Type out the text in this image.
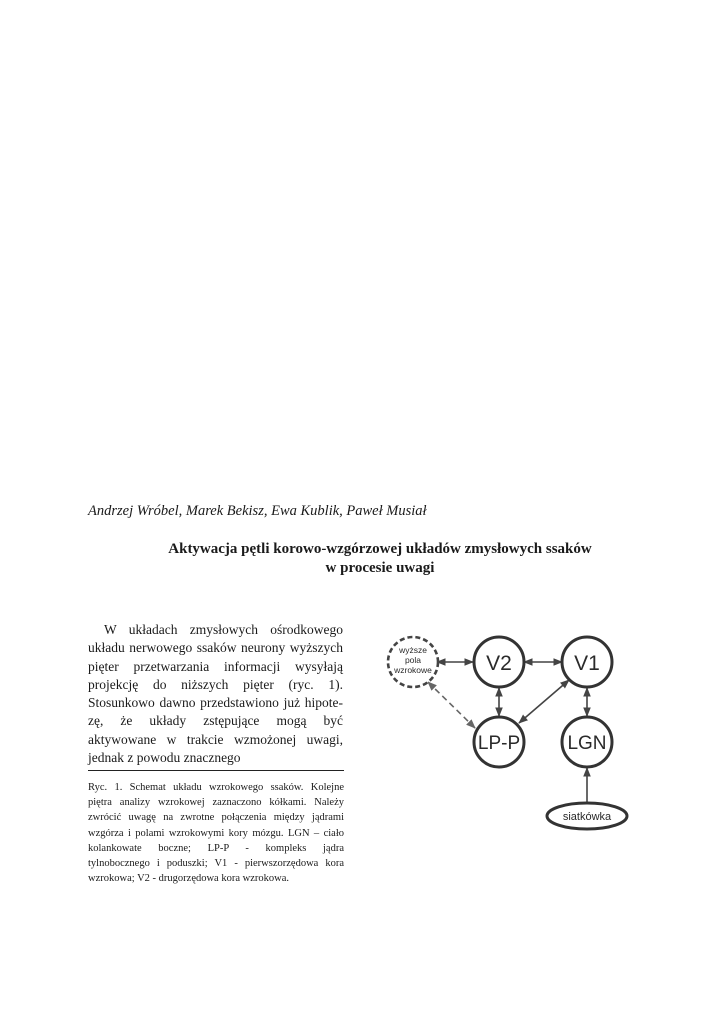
Andrzej Wróbel, Marek Bekisz, Ewa Kublik, Paweł Musiał
Aktywacja pętli korowo-wzgórzowej układów zmysłowych ssaków
w procesie uwagi

W układach zmysłowych ośrodkowego

układu nerwowego ssaków neurony wyższych

pięter przetwarzania informacji wysyłają

projekcję do niższych pięter (ryc. 1).

Stosunkowo dawno przedstawiono już hipote-

zę, że układy zstępujące mogą być

aktywowane w trakcie wzmożonej uwagi,

jednak z powodu znacznego

Ryc. 1. Schemat układu wzrokowego ssaków. Kolejne

piętra analizy wzrokowej zaznaczono kółkami. Należy

zwrócić uwagę na zwrotne połączenia między jądrami

wzgórza i polami wzrokowymi kory mózgu. LGN – ciało

kolankowate boczne; LP-P - kompleks jądra

tylnobocznego i poduszki; V1 - pierwszorzędowa kora

wzrokowa; V2 - drugorzędowa kora wzrokowa.

wyższe
pola
wzrokowe	V2	V1
LP-P LGN
siatkówka
